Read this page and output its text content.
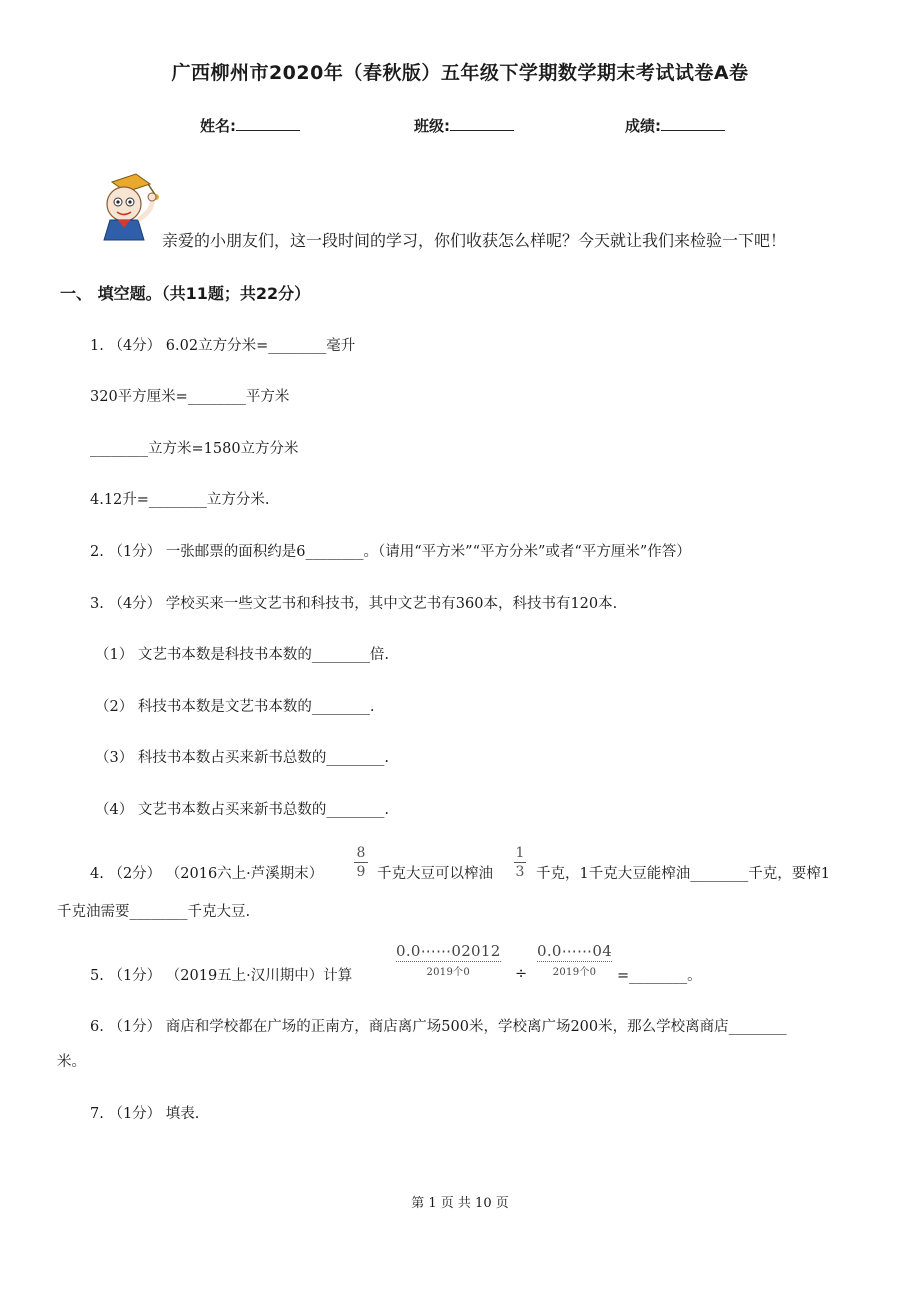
广西柳州市2020年（春秋版）五年级下学期数学期末考试试卷A卷
姓名:	班级:	成绩:
亲爱的小朋友们，这一段时间的学习，你们收获怎么样呢？今天就让我们来检验一下吧！
一、 填空题。（共11题；共22分）
1. （4分） 6.02立方分米=________毫升
320平方厘米=________平方米
________立方米=1580立方分米
4.12升=________立方分米.
2. （1分） 一张邮票的面积约是6________。（请用“平方米”“平方分米”或者“平方厘米”作答）
3. （4分） 学校买来一些文艺书和科技书，其中文艺书有360本，科技书有120本.
（1） 文艺书本数是科技书本数的________倍.
（2） 科技书本数是文艺书本数的________.
（3） 科技书本数占买来新书总数的________.
（4） 文艺书本数占买来新书总数的________.
4. （2分） （2016六上·芦溪期末）
8
9 千克大豆可以榨油
1
3 千克，1千克大豆能榨油________千克，要榨1
千克油需要________千克大豆.
5. （1分） （2019五上·汉川期中）计算
0.0⋯⋯02012
2019个0	÷
0.0⋯⋯04
2019个0	=________。
6. （1分） 商店和学校都在广场的正南方，商店离广场500米，学校离广场200米，那么学校离商店________
米。
7. （1分） 填表.
第 1 页 共 10 页
